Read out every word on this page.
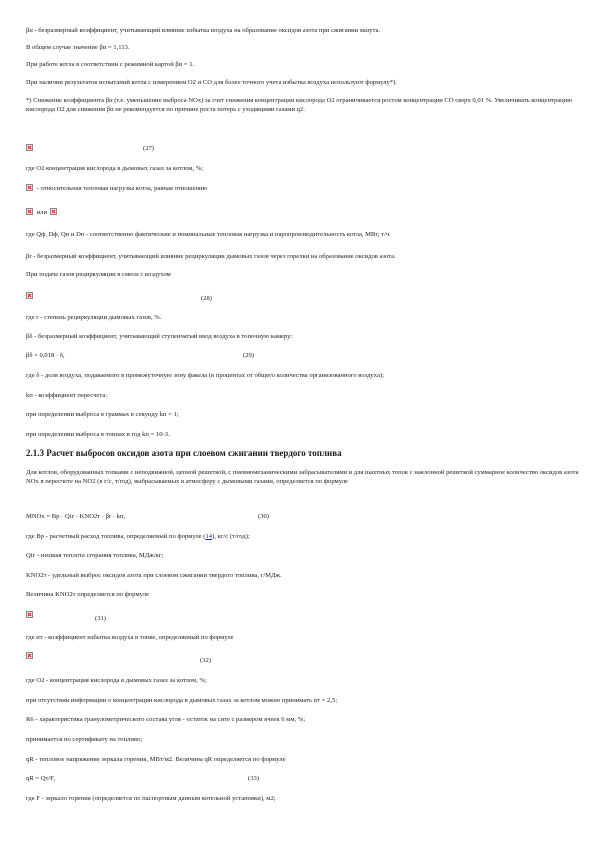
βα - безразмерный коэффициент, учитывающий влияние избытка воздуха на образование оксидов азота при сжигании мазута.
В общем случае значение βα = 1,113.
При работе котла в соответствии с режимной картой βα = 1.
При наличии результатов испытаний котла с измерением O2 и CO для более точного учета избытка воздуха используют формулу*).
*) Снижение коэффициента βα (т.е. уменьшение выброса NOх) за счет снижения концентрации кислорода O2 ограничивается ростом концентрации CO сверх 0,01 %. Увеличивать концентрацию кислорода O2 для снижения βα не рекомендуется по причине роста потерь с уходящими газами q2.
(27)
где O2 концентрация кислорода в дымовых газах за котлом, %;
- относительная тепловая нагрузка котла, равная отношению
или
где Qф, Dф, Qн и Dн - соответственно фактические и номинальные тепловая нагрузка и паропроизводительность котла, МВт, т/ч.
βr - безразмерный коэффициент, учитывающий влияние рециркуляции дымовых газов через горелки на образование оксидов азота.
При подаче газов рециркуляции в смеси с воздухом
(28)
где r - степень рециркуляции дымовых газов, %.
βδ - безразмерный коэффициент, учитывающий ступенчатый ввод воздуха в топочную камеру:
βδ = 0,018 · δ,	(29)
где δ - доля воздуха, подаваемого в промежуточную зону факела (в процентах от общего количества организованного воздуха);
kп - коэффициент пересчета:
при определении выброса в граммах в секунду kп = 1;
при определении выброса в тоннах в год kп = 10-3.
2.1.3 Расчет выбросов оксидов азота при слоевом сжигании твердого топлива
Для котлов, оборудованных топками с неподвижной, цепной решеткой, с пневмомеханическими забрасывателями и для шахтных топок с наклонной решеткой суммарное количество оксидов азота NOх в пересчете на NO2 (в г/с, т/год), выбрасываемых в атмосферу с дымовыми газами, определяется по формуле
MNOх = Bр · Qiг · KNO2т · βr · kп,	(30)
где Bр - расчетный расход топлива, определяемый по формуле (14), кг/с (т/год);
Qiг - низшая теплота сгорания топлива, МДж/кг;
KNO2т - удельный выброс оксидов азота при слоевом сжигании твердого топлива, г/МДж.
Величина KNO2т определяется по формуле
(31)
где αт - коэффициент избытка воздуха в топке, определяемый по формуле
(32)
где O2 - концентрация кислорода в дымовых газах за котлом, %;
при отсутствии информации о концентрации кислорода в дымовых газах за котлом можно принимать αт = 2,5;
R6 - характеристика гранулометрического состава угля - остаток на сите с размером ячеек 6 мм, %;
принимается по сертификату на топливо;
qR - тепловое напряжение зеркала горения, МВт/м2. Величина qR определяется по формуле
qR = Qт/F,	(33)
где F - зеркало горения (определяется по паспортным данным котельной установки), м2;
